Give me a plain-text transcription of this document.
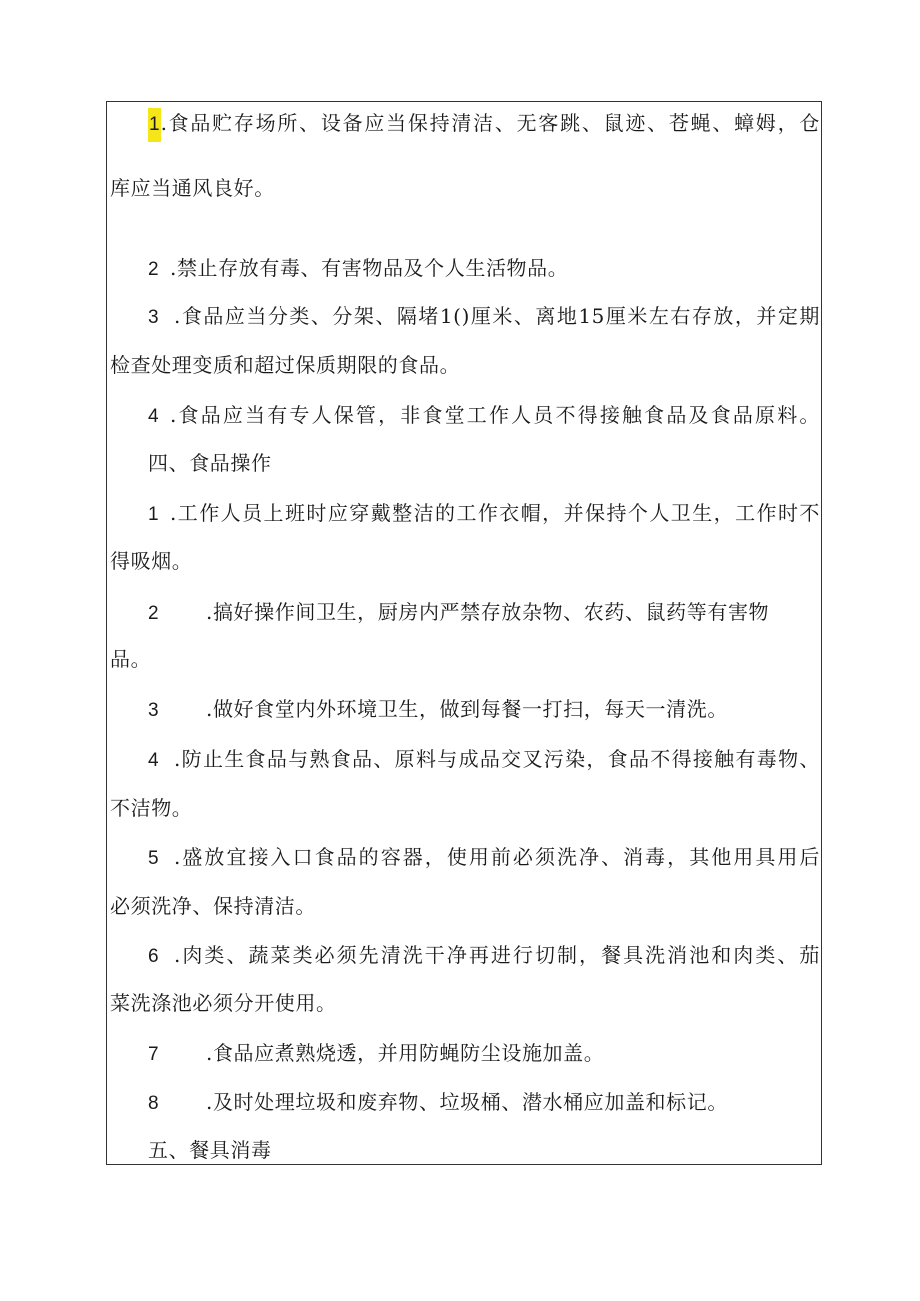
1.食品贮存场所、设备应当保持清洁、无客跳、鼠迹、苍蝇、蟑姆，仓
库应当通风良好。
2 .禁止存放有毒、有害物品及个人生活物品。
3 .食品应当分类、分架、隔堵1()厘米、离地15厘米左右存放，并定期
检查处理变质和超过保质期限的食品。
4 .食品应当有专人保管，非食堂工作人员不得接触食品及食品原料。
四、食品操作
1 .工作人员上班时应穿戴整洁的工作衣帽，并保持个人卫生，工作时不
得吸烟。
2 .搞好操作间卫生，厨房内严禁存放杂物、农药、鼠药等有害物
品。
3 .做好食堂内外环境卫生，做到每餐一打扫，每天一清洗。
4 .防止生食品与熟食品、原料与成品交叉污染，食品不得接触有毒物、
不洁物。
5 .盛放宜接入口食品的容器，使用前必须洗净、消毒，其他用具用后
必须洗净、保持清洁。
6 .肉类、蔬菜类必须先清洗干净再进行切制，餐具洗消池和肉类、茄
菜洗涤池必须分开使用。
7 .食品应煮熟烧透，并用防蝇防尘设施加盖。
8 .及时处理垃圾和废弃物、垃圾桶、潜水桶应加盖和标记。
五、餐具消毒
